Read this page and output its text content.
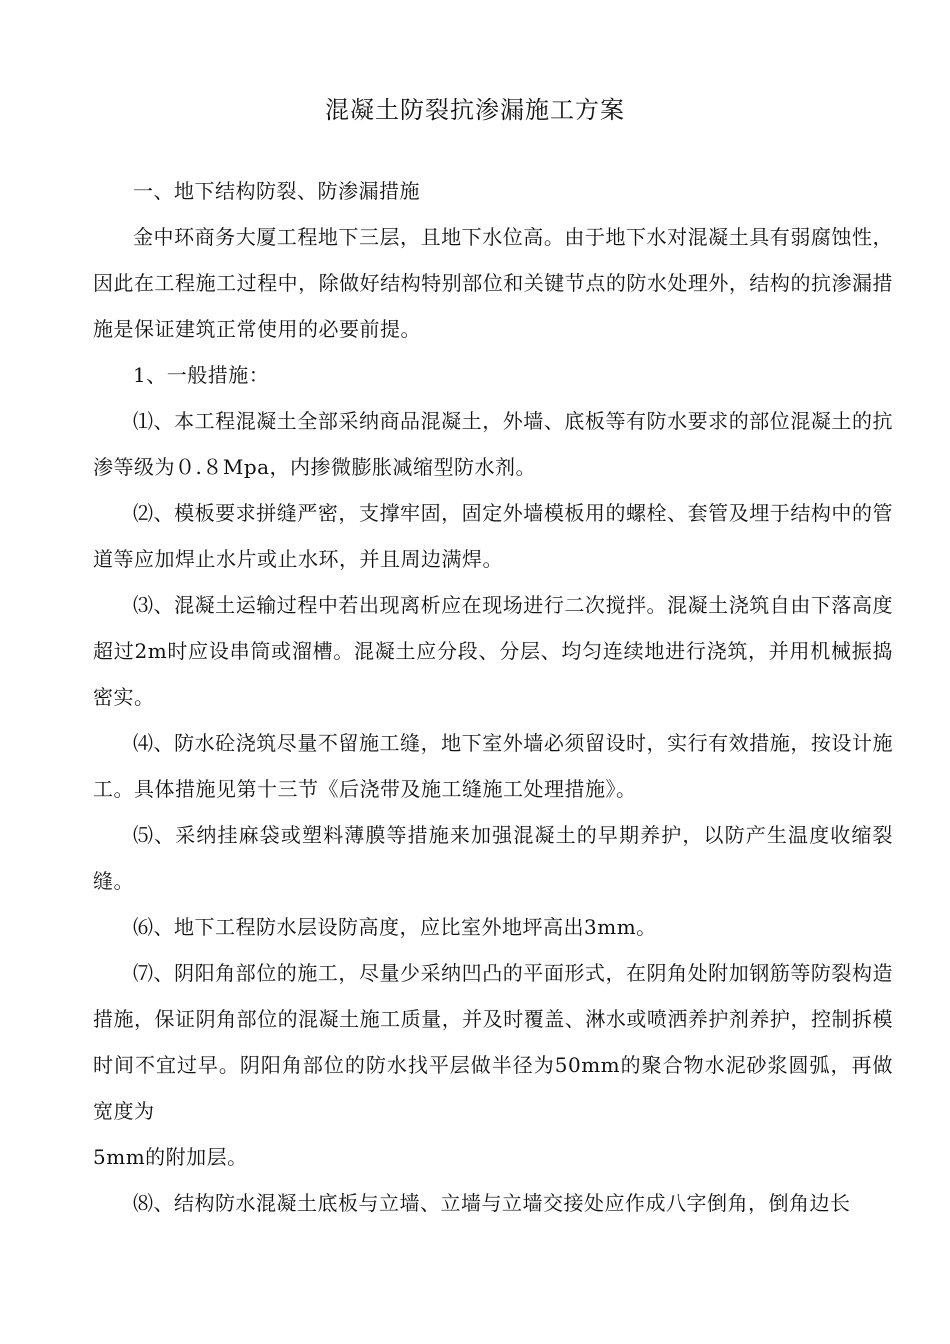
混凝土防裂抗渗漏施工方案

一、地下结构防裂、防渗漏措施

金中环商务大厦工程地下三层，且地下水位高。由于地下水对混凝土具有弱腐蚀性，因此在工程施工过程中，除做好结构特别部位和关键节点的防水处理外，结构的抗渗漏措施是保证建筑正常使用的必要前提。

1、一般措施：

⑴、本工程混凝土全部采纳商品混凝土，外墙、底板等有防水要求的部位混凝土的抗渗等级为０.８Mpa，内掺微膨胀减缩型防水剂。

⑵、模板要求拼缝严密，支撑牢固，固定外墙模板用的螺栓、套管及埋于结构中的管道等应加焊止水片或止水环，并且周边满焊。

⑶、混凝土运输过程中若出现离析应在现场进行二次搅拌。混凝土浇筑自由下落高度超过2m时应设串筒或溜槽。混凝土应分段、分层、均匀连续地进行浇筑，并用机械振捣密实。

⑷、防水砼浇筑尽量不留施工缝，地下室外墙必须留设时，实行有效措施，按设计施工。具体措施见第十三节《后浇带及施工缝施工处理措施》。

⑸、采纳挂麻袋或塑料薄膜等措施来加强混凝土的早期养护，以防产生温度收缩裂缝。

⑹、地下工程防水层设防高度，应比室外地坪高出3mm。

⑺、阴阳角部位的施工，尽量少采纳凹凸的平面形式，在阴角处附加钢筋等防裂构造措施，保证阴角部位的混凝土施工质量，并及时覆盖、淋水或喷洒养护剂养护，控制拆模时间不宜过早。阴阳角部位的防水找平层做半径为50mm的聚合物水泥砂浆圆弧，再做宽度为

5mm的附加层。

⑻、结构防水混凝土底板与立墙、立墙与立墙交接处应作成八字倒角，倒角边长
